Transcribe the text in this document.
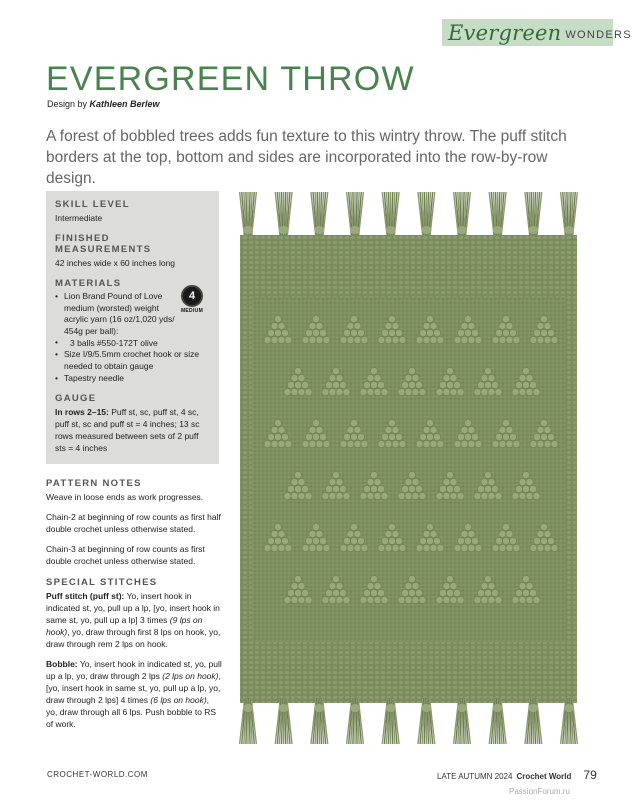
Evergreen WONDERS
EVERGREEN THROW
Design by Kathleen Berlew

A forest of bobbled trees adds fun texture to this wintry throw. The puff stitch borders at the top, bottom and sides are incorporated into the row-by-row design.

SKILL LEVEL
Intermediate
FINISHED MEASUREMENTS
42 inches wide x 60 inches long
MATERIALS
• Lion Brand Pound of Love medium (worsted) weight acrylic yarn (16 oz/1,020 yds/ 454g per ball):
• 3 balls #550-172T olive
• Size I/9/5.5mm crochet hook or size needed to obtain gauge
• Tapestry needle
GAUGE
In rows 2–15: Puff st, sc, puff st, 4 sc, puff st, sc and puff st = 4 inches; 13 sc rows measured between sets of 2 puff sts = 4 inches
4
MEDIUM
PATTERN NOTES

Weave in loose ends as work progresses.

Chain-2 at beginning of row counts as first half double crochet unless otherwise stated.

Chain-3 at beginning of row counts as first double crochet unless otherwise stated.

SPECIAL STITCHES

Puff stitch (puff st): Yo, insert hook in indicated st, yo, pull up a lp, [yo, insert hook in same st, yo, pull up a lp] 3 times (9 lps on hook), yo, draw through first 8 lps on hook, yo, draw through rem 2 lps on hook.

Bobble: Yo, insert hook in indicated st, yo, pull up a lp, yo, draw through 2 lps (2 lps on hook), [yo, insert hook in same st, yo, pull up a lp, yo, draw through 2 lps] 4 times (6 lps on hook), yo, draw through all 6 lps. Push bobble to RS of work.

CROCHET-WORLD.COM	LATE AUTUMN 2024 Crochet World 79
PassionForum.ru
